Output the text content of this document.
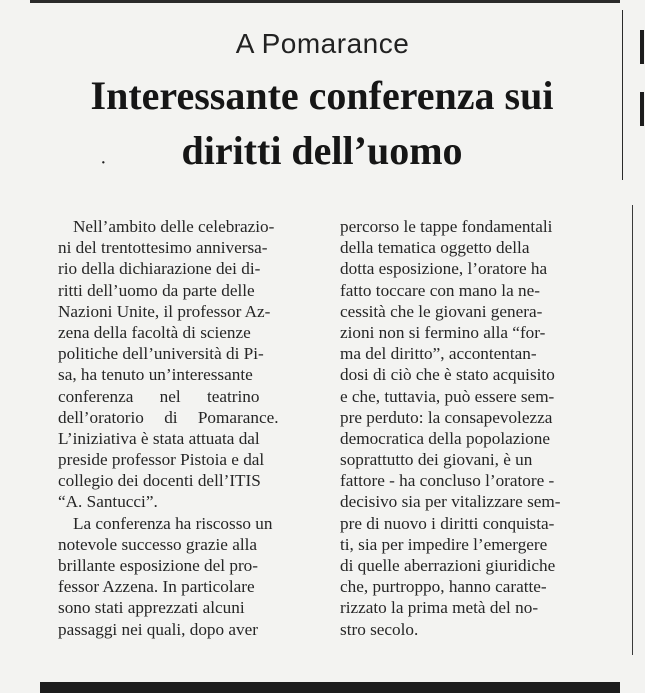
A Pomarance
Interessante conferenza sui
diritti dell’uomo
·
Nell’ambito delle celebrazio-
ni del trentottesimo anniversa-
rio della dichiarazione dei di-
ritti dell’uomo da parte delle
Nazioni Unite, il professor Az-
zena della facoltà di scienze
politiche dell’università di Pi-
sa, ha tenuto un’interessante
conferenza nel teatrino
dell’oratorio di Pomarance.
L’iniziativa è stata attuata dal
preside professor Pistoia e dal
collegio dei docenti dell’ITIS
“A. Santucci”.
La conferenza ha riscosso un
notevole successo grazie alla
brillante esposizione del pro-
fessor Azzena. In particolare
sono stati apprezzati alcuni
passaggi nei quali, dopo aver
percorso le tappe fondamentali
della tematica oggetto della
dotta esposizione, l’oratore ha
fatto toccare con mano la ne-
cessità che le giovani genera-
zioni non si fermino alla “for-
ma del diritto”, accontentan-
dosi di ciò che è stato acquisito
e che, tuttavia, può essere sem-
pre perduto: la consapevolezza
democratica della popolazione
soprattutto dei giovani, è un
fattore - ha concluso l’oratore -
decisivo sia per vitalizzare sem-
pre di nuovo i diritti conquista-
ti, sia per impedire l’emergere
di quelle aberrazioni giuridiche
che, purtroppo, hanno caratte-
rizzato la prima metà del no-
stro secolo.
